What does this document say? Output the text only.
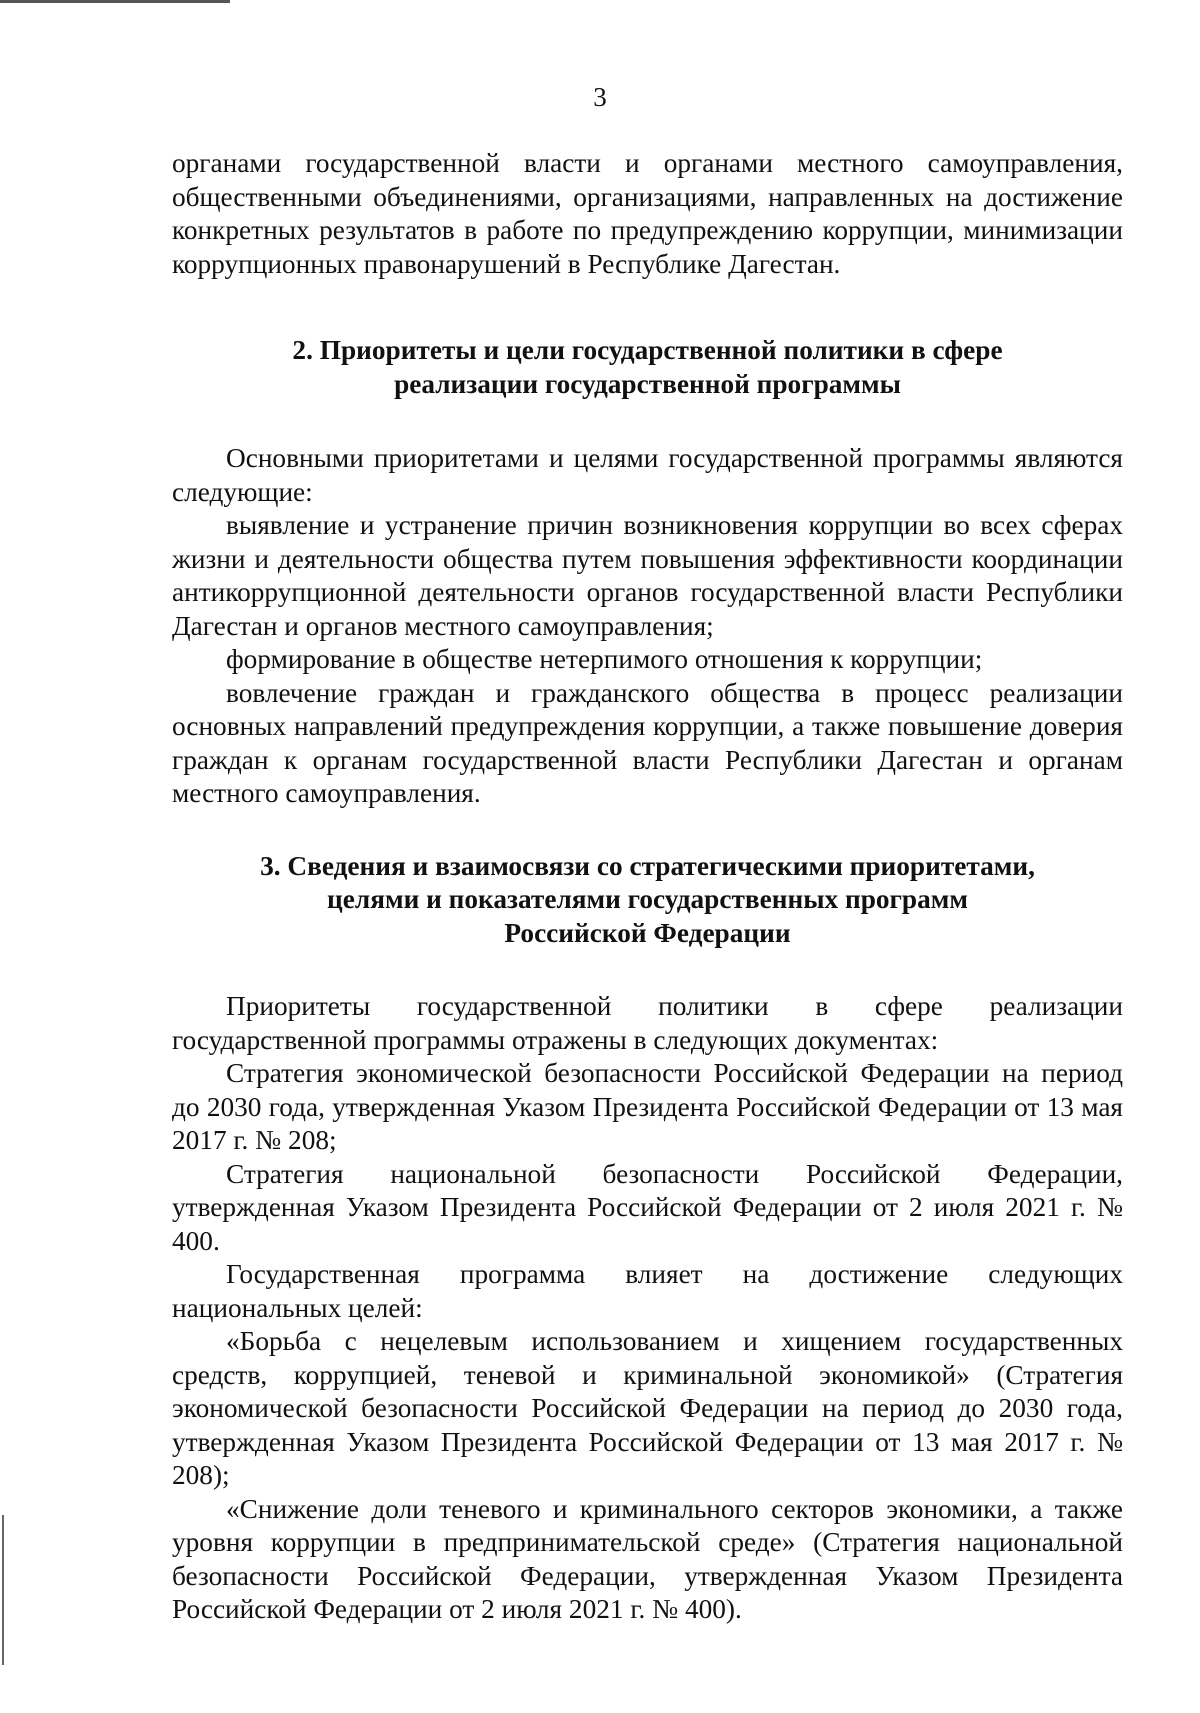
3

органами государственной власти и органами местного самоуправления, общественными объединениями, организациями, направленных на достижение конкретных результатов в работе по предупреждению коррупции, минимизации коррупционных правонарушений в Республике Дагестан.

2. Приоритеты и цели государственной политики в сфере
реализации государственной программы

Основными приоритетами и целями государственной программы являются следующие:

выявление и устранение причин возникновения коррупции во всех сферах жизни и деятельности общества путем повышения эффективности координации антикоррупционной деятельности органов государственной власти Республики Дагестан и органов местного самоуправления;

формирование в обществе нетерпимого отношения к коррупции;

вовлечение граждан и гражданского общества в процесс реализации основных направлений предупреждения коррупции, а также повышение доверия граждан к органам государственной власти Республики Дагестан и органам местного самоуправления.

3. Сведения и взаимосвязи со стратегическими приоритетами,
целями и показателями государственных программ
Российской Федерации

Приоритеты государственной политики в сфере реализации государственной программы отражены в следующих документах:

Стратегия экономической безопасности Российской Федерации на период до 2030 года, утвержденная Указом Президента Российской Федерации от 13 мая 2017 г. № 208;

Стратегия национальной безопасности Российской Федерации, утвержденная Указом Президента Российской Федерации от 2 июля 2021 г. № 400.

Государственная программа влияет на достижение следующих национальных целей:

«Борьба с нецелевым использованием и хищением государственных средств, коррупцией, теневой и криминальной экономикой» (Стратегия экономической безопасности Российской Федерации на период до 2030 года, утвержденная Указом Президента Российской Федерации от 13 мая 2017 г. № 208);

«Снижение доли теневого и криминального секторов экономики, а также уровня коррупции в предпринимательской среде» (Стратегия национальной безопасности Российской Федерации, утвержденная Указом Президента Российской Федерации от 2 июля 2021 г. № 400).
